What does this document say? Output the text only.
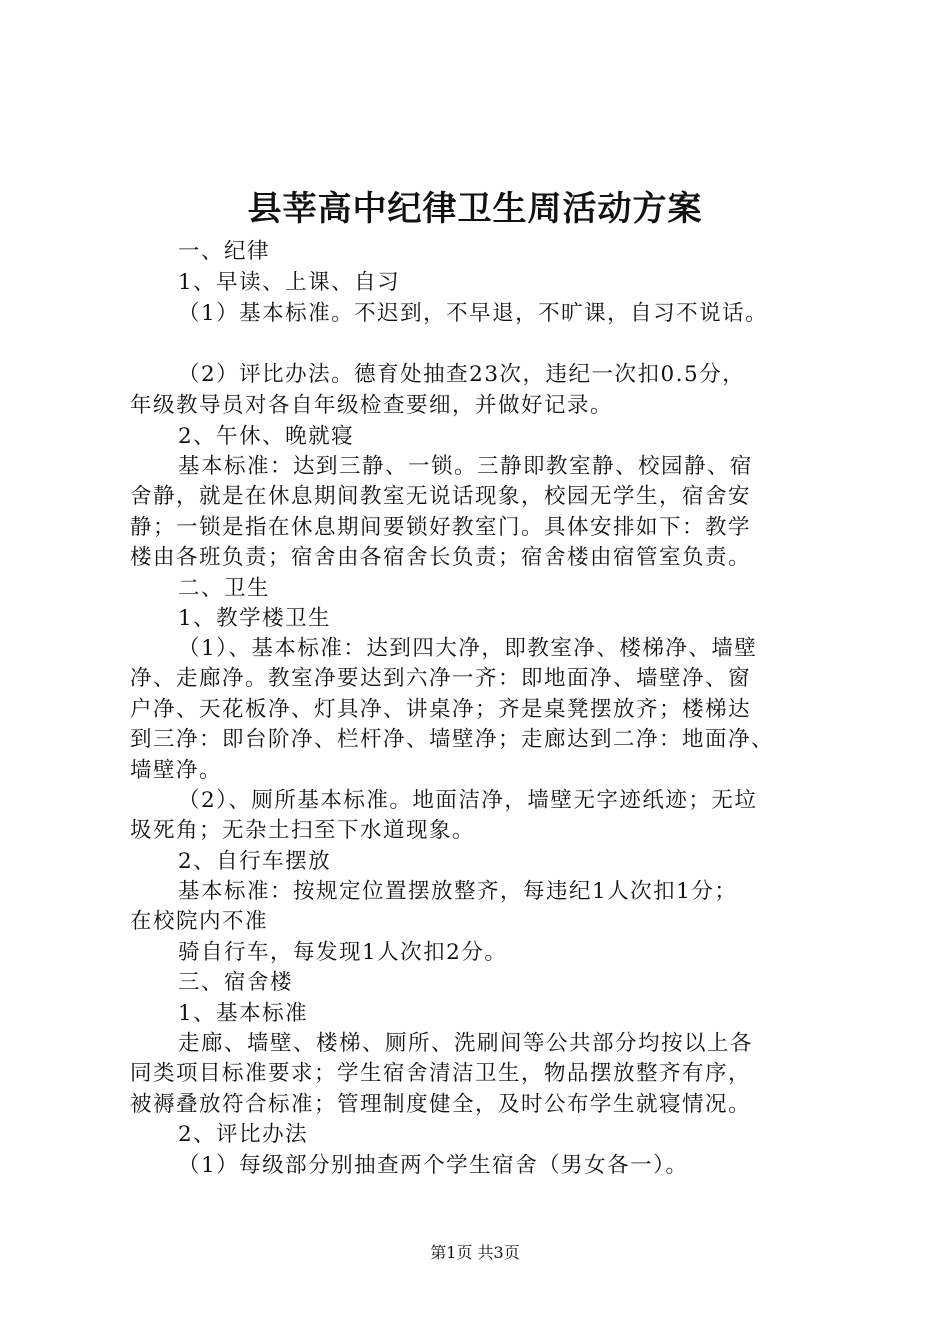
县莘高中纪律卫生周活动方案
一、纪律
1、早读、上课、自习
（1）基本标准。不迟到，不早退，不旷课，自习不说话。
（2）评比办法。德育处抽查23次，违纪一次扣0.5分，
年级教导员对各自年级检查要细，并做好记录。
2、午休、晚就寝
基本标准：达到三静、一锁。三静即教室静、校园静、宿
舍静，就是在休息期间教室无说话现象，校园无学生，宿舍安
静；一锁是指在休息期间要锁好教室门。具体安排如下：教学
楼由各班负责；宿舍由各宿舍长负责；宿舍楼由宿管室负责。
二、卫生
1、教学楼卫生
（1）、基本标准：达到四大净，即教室净、楼梯净、墙壁
净、走廊净。教室净要达到六净一齐：即地面净、墙壁净、窗
户净、天花板净、灯具净、讲桌净；齐是桌凳摆放齐；楼梯达
到三净：即台阶净、栏杆净、墙壁净；走廊达到二净：地面净、
墙壁净。
（2）、厕所基本标准。地面洁净，墙壁无字迹纸迹；无垃
圾死角；无杂土扫至下水道现象。
2、自行车摆放
基本标准：按规定位置摆放整齐，每违纪1人次扣1分；
在校院内不准
骑自行车，每发现1人次扣2分。
三、宿舍楼
1、基本标准
走廊、墙壁、楼梯、厕所、洗刷间等公共部分均按以上各
同类项目标准要求；学生宿舍清洁卫生，物品摆放整齐有序，
被褥叠放符合标准；管理制度健全，及时公布学生就寝情况。
2、评比办法
（1）每级部分别抽查两个学生宿舍（男女各一）。
第1页 共3页
